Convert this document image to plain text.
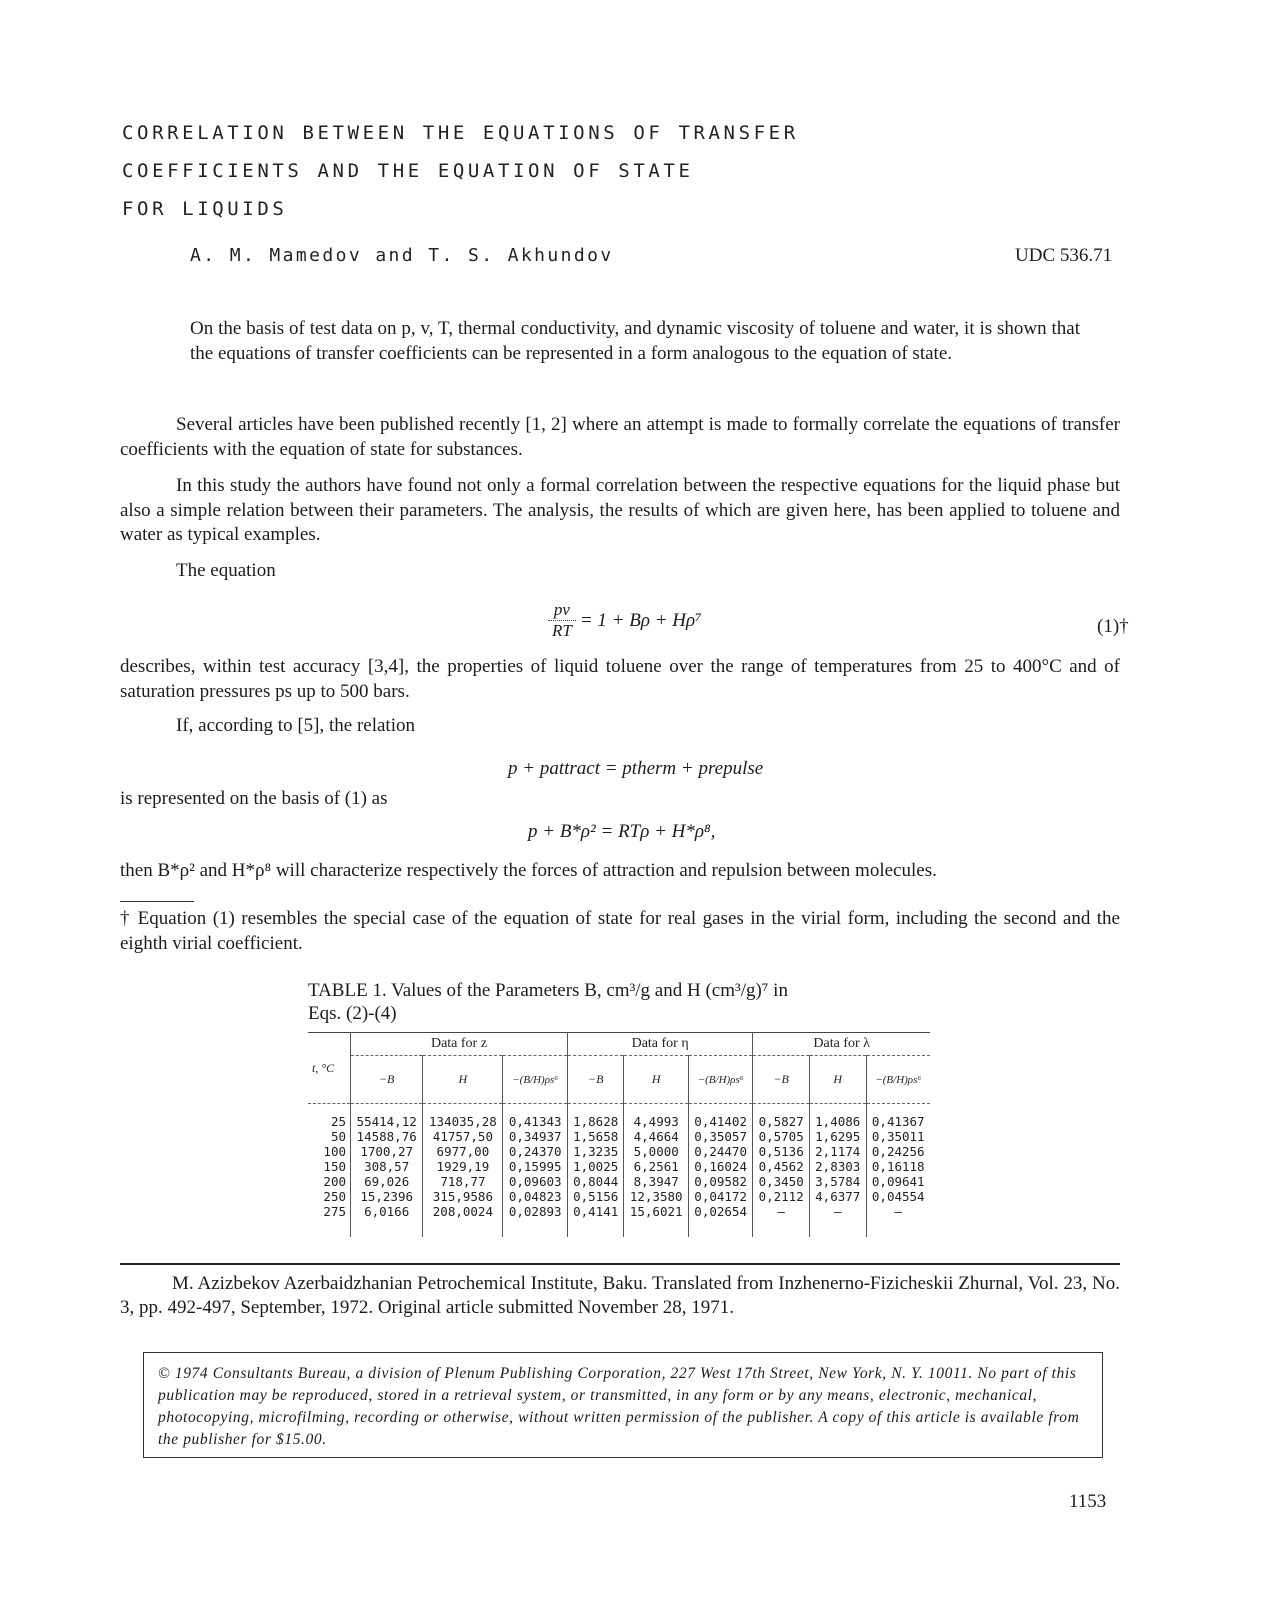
CORRELATION BETWEEN THE EQUATIONS OF TRANSFER
COEFFICIENTS AND THE EQUATION OF STATE
FOR LIQUIDS
A. M. Mamedov and T. S. Akhundov	UDC 536.71
On the basis of test data on p, v, T, thermal conductivity, and dynamic viscosity of toluene and water, it is shown that the equations of transfer coefficients can be represented in a form analogous to the equation of state.
Several articles have been published recently [1, 2] where an attempt is made to formally correlate the equations of transfer coefficients with the equation of state for substances.
In this study the authors have found not only a formal correlation between the respective equations for the liquid phase but also a simple relation between their parameters. The analysis, the results of which are given here, has been applied to toluene and water as typical examples.
The equation
$\frac{pv}{RT} = 1 + B\rho + H\rho^7$	(1)†
describes, within test accuracy [3,4], the properties of liquid toluene over the range of temperatures from 25 to 400°C and of saturation pressures ps up to 500 bars.
If, according to [5], the relation
p + pattract = ptherm + prepulse
is represented on the basis of (1) as
p + B*ρ² = RTρ + H*ρ⁸,
then B*ρ² and H*ρ⁸ will characterize respectively the forces of attraction and repulsion between molecules.
† Equation (1) resembles the special case of the equation of state for real gases in the virial form, including the second and the eighth virial coefficient.
TABLE 1. Values of the Parameters B, cm³/g and H (cm³/g)⁷ in
Eqs. (2)-(4)
t, °C	Data for z			Data for η			Data for λ		
	−B	H	−(B/H)ρs⁶	−B	H	−(B/H)ρs⁶	−B	H	−(B/H)ρs⁶
25	55414,12	134035,28	0,41343	1,8628	4,4993	0,41402	0,5827	1,4086	0,41367
50	14588,76	41757,50	0,34937	1,5658	4,4664	0,35057	0,5705	1,6295	0,35011
100	1700,27	6977,00	0,24370	1,3235	5,0000	0,24470	0,5136	2,1174	0,24256
150	308,57	1929,19	0,15995	1,0025	6,2561	0,16024	0,4562	2,8303	0,16118
200	69,026	718,77	0,09603	0,8044	8,3947	0,09582	0,3450	3,5784	0,09641
250	15,2396	315,9586	0,04823	0,5156	12,3580	0,04172	0,2112	4,6377	0,04554
275	6,0166	208,0024	0,02893	0,4141	15,6021	0,02654	—	—	—
M. Azizbekov Azerbaidzhanian Petrochemical Institute, Baku. Translated from Inzhenerno-Fizicheskii Zhurnal, Vol. 23, No. 3, pp. 492-497, September, 1972. Original article submitted November 28, 1971.
© 1974 Consultants Bureau, a division of Plenum Publishing Corporation, 227 West 17th Street, New York, N. Y. 10011. No part of this publication may be reproduced, stored in a retrieval system, or transmitted, in any form or by any means, electronic, mechanical, photocopying, microfilming, recording or otherwise, without written permission of the publisher. A copy of this article is available from the publisher for $15.00.
1153
